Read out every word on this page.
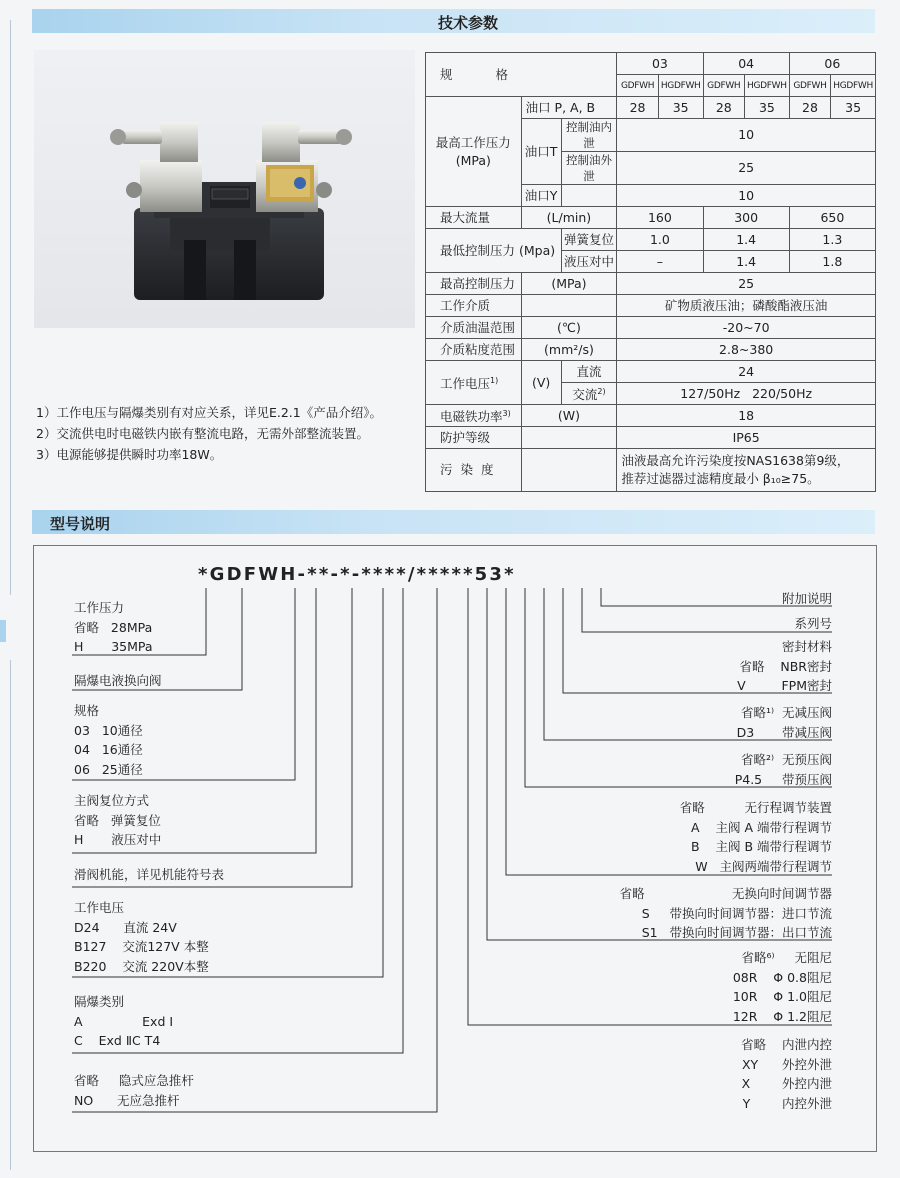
技术参数
规　　格			03		04		06	
			GDFWH	HGDFWH	GDFWH	HGDFWH	GDFWH	HGDFWH
最高工作压力
(MPa)	油口 P, A, B		28	35	28	35	28	35
	油口T	控制油内泄	10					
		控制油外泄	25					
	油口Y		10					
最大流量	(L/min)		160		300		650	
最低控制压力 (Mpa)		弹簧复位	1.0		1.4		1.3	
		液压对中	–		1.4		1.8	
最高控制压力	(MPa)		25					
工作介质			矿物质液压油；磷酸酯液压油					
介质油温范围	(℃)		-20~70					
介质粘度范围	(mm²/s)		2.8~380					
工作电压$^{1)}$	(V)	直流	24					
		交流$^{2)}$	127/50Hz   220/50Hz					
电磁铁功率$^{3)}$	(W)		18					
防护等级			IP65					
污 染 度			油液最高允许污染度按NAS1638第9级，
推荐过滤器过滤精度最小 β₁₀≥75。					
1）工作电压与隔爆类别有对应关系，详见E.2.1《产品介绍》。
2）交流供电时电磁铁内嵌有整流电路，无需外部整流装置。
3）电源能够提供瞬时功率18W。
型号说明
*GDFWH-**-*-****/*****53*
工作压力
省略   28MPa
H       35MPa
隔爆电液换向阀
规格
03   10通径
04   16通径
06   25通径
主阀复位方式
省略   弹簧复位
H       液压对中
滑阀机能，详见机能符号表
工作电压
D24      直流 24V
B127    交流127V 本整
B220    交流 220V本整
隔爆类别
A               Exd Ⅰ
C    Exd ⅡC T4
省略     隐式应急推杆
NO      无应急推杆
附加说明
系列号
密封材料
省略    NBR密封
V         FPM密封
省略¹⁾  无减压阀
D3       带减压阀
省略²⁾  无预压阀
P4.5     带预压阀
省略          无行程调节装置
A    主阀 A 端带行程调节
B    主阀 B 端带行程调节
W   主阀两端带行程调节
省略                      无换向时间调节器
S     带换向时间调节器：进口节流
S1   带换向时间调节器：出口节流
省略⁶⁾     无阻尼
08R    Φ 0.8阻尼
10R    Φ 1.0阻尼
12R    Φ 1.2阻尼
省略    内泄内控
XY      外控外泄
X        外控内泄
Y        内控外泄
